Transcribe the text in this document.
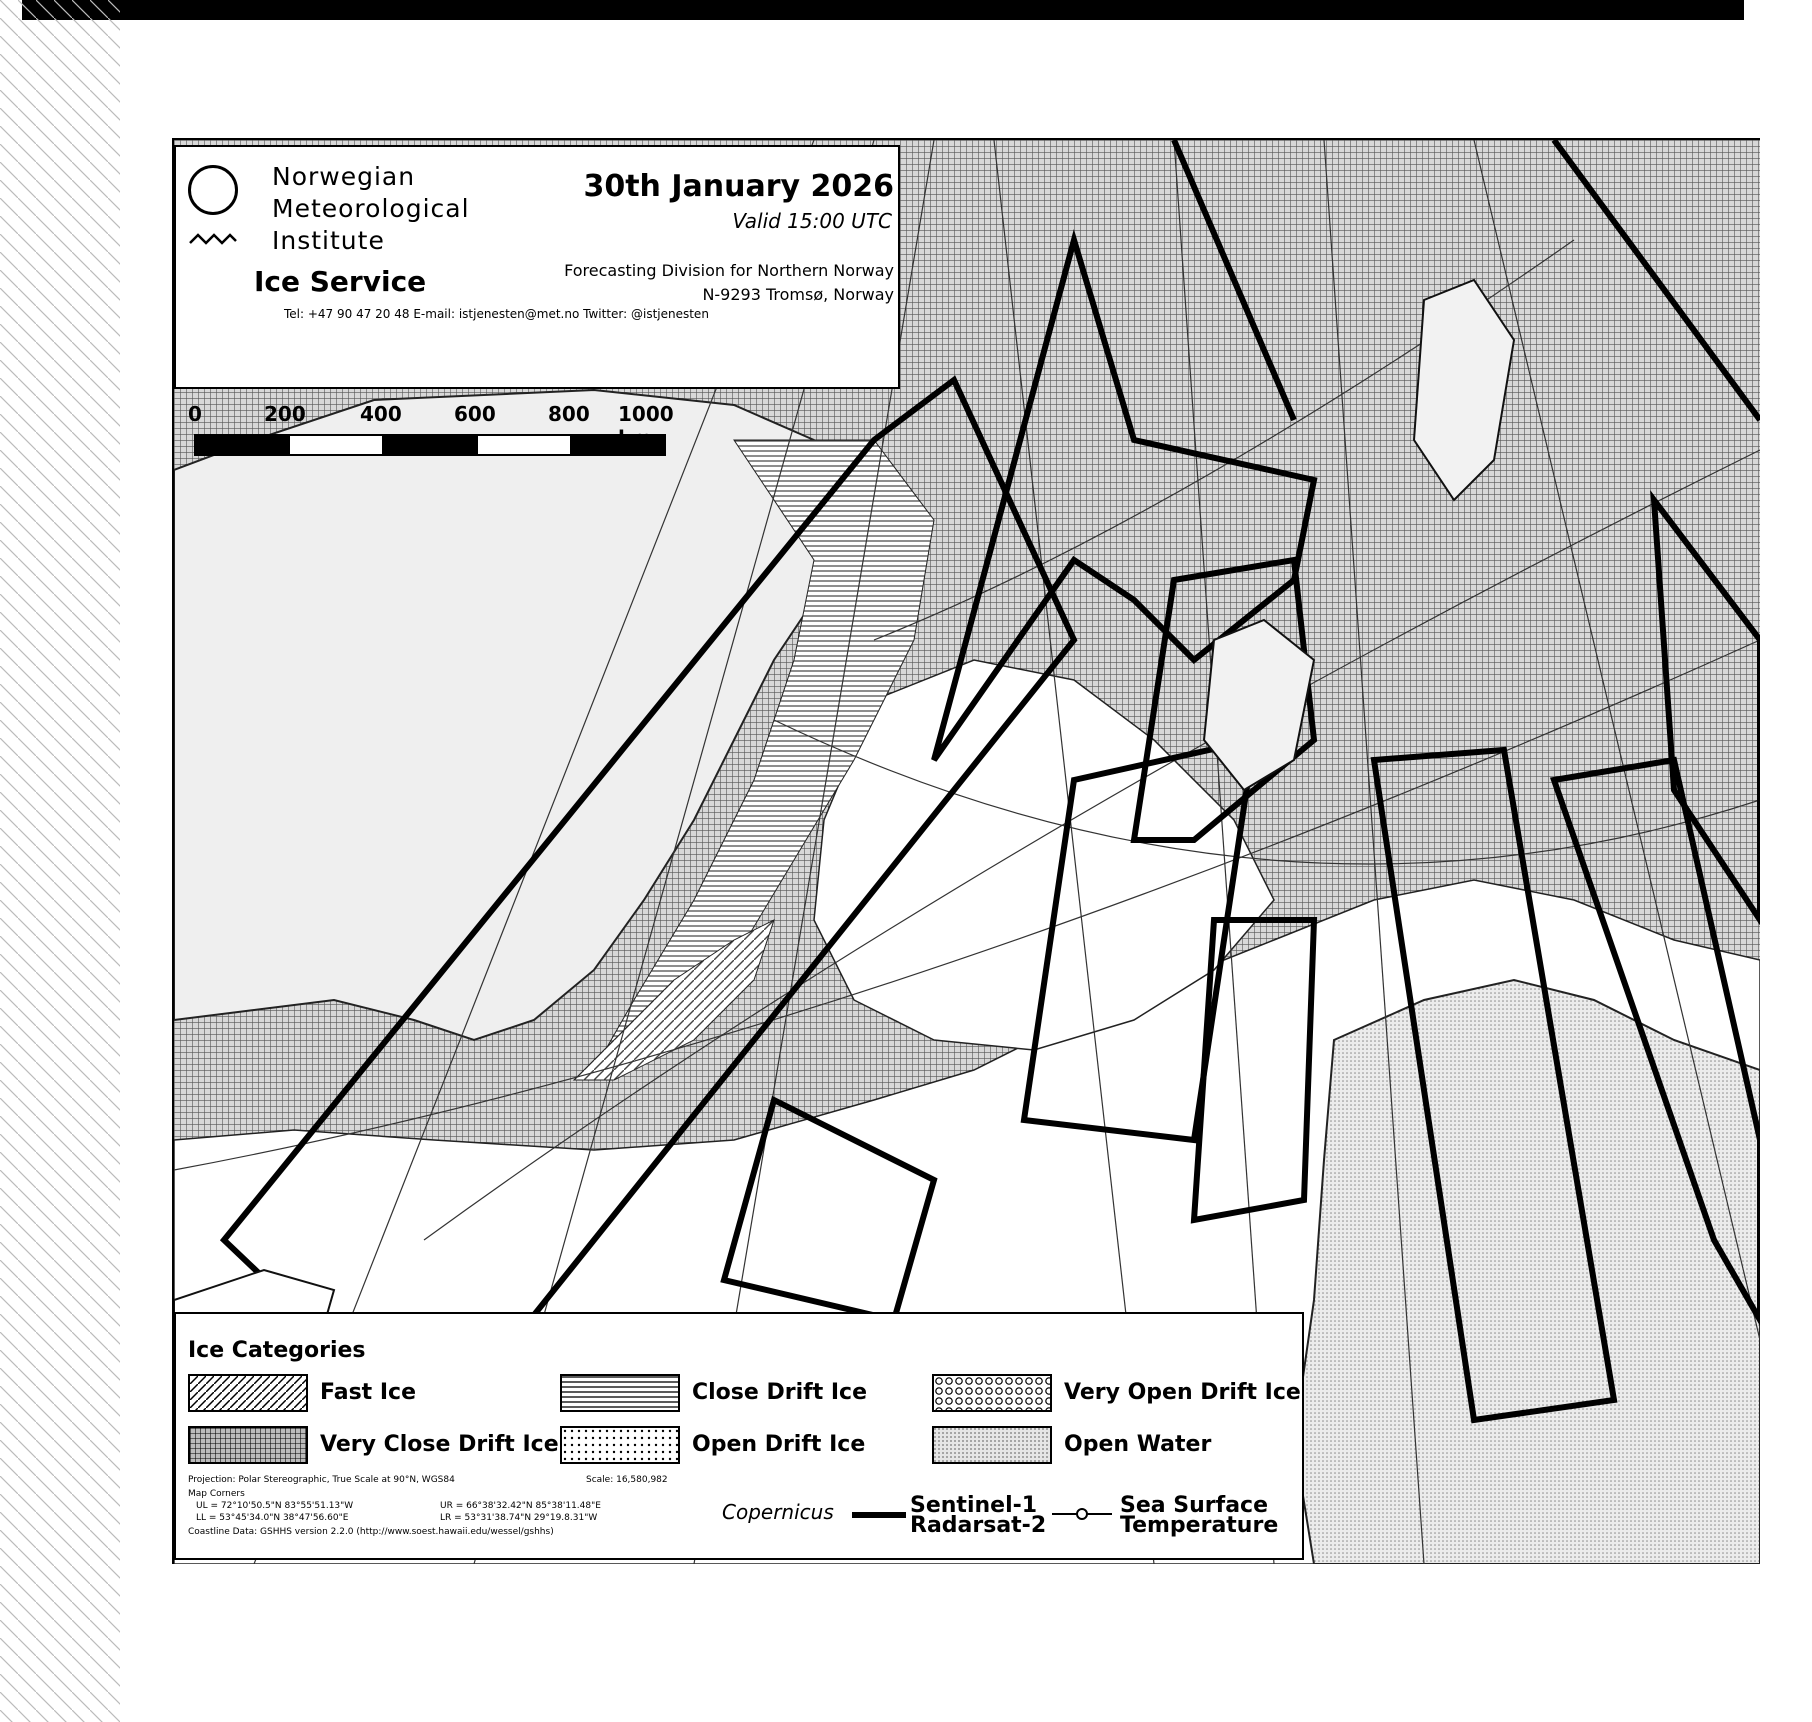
Norwegian
Meteorological
Institute
Ice Service
Tel: +47 90 47 20 48 E-mail: istjenesten@met.no Twitter: @istjenesten
30th January 2026
Valid 15:00 UTC
Forecasting Division for Northern Norway
N-9293 Tromsø, Norway
0	200	400	600	800 1000
Ice Categories
Fast Ice	Close Drift Ice	Very Open Drift Ice
Very Close Drift Ice	Open Drift Ice	Open Water
Projection: Polar Stereographic, True Scale at 90°N, WGS84	Scale: 16,580,982
Map Corners
UL = 72°10'50.5"N 83°55'51.13"W	UR = 66°38'32.42"N 85°38'11.48"E
LL = 53°45'34.0"N 38°47'56.60"E	LR = 53°31'38.74"N 29°19.8.31"W
Coastline Data: GSHHS version 2.2.0 (http://www.soest.hawaii.edu/wessel/gshhs)
Copernicus	Sentinel-1
Radarsat-2
Sea Surface
Temperature
